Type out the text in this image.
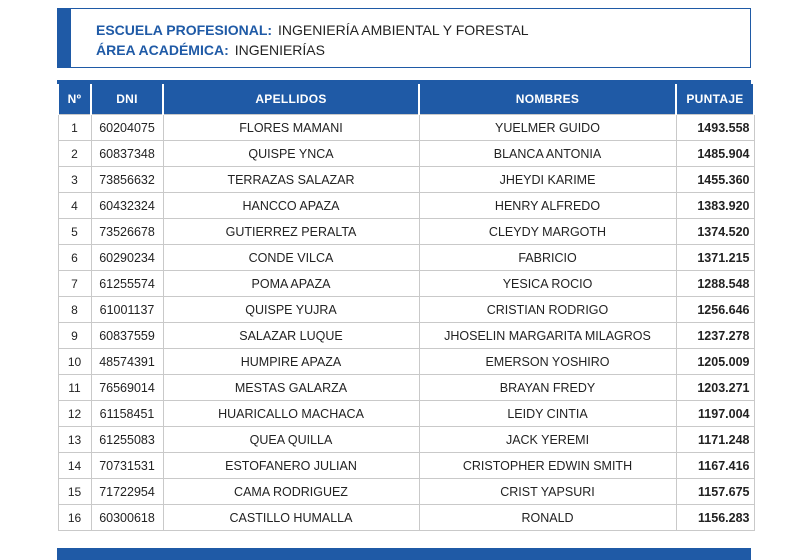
ESCUELA PROFESIONAL: INGENIERÍA AMBIENTAL Y FORESTAL
ÁREA ACADÉMICA: INGENIERÍAS
Nº	DNI	APELLIDOS	NOMBRES	PUNTAJE
1	60204075	FLORES MAMANI	YUELMER GUIDO	1493.558
2	60837348	QUISPE YNCA	BLANCA ANTONIA	1485.904
3	73856632	TERRAZAS SALAZAR	JHEYDI KARIME	1455.360
4	60432324	HANCCO APAZA	HENRY ALFREDO	1383.920
5	73526678	GUTIERREZ PERALTA	CLEYDY MARGOTH	1374.520
6	60290234	CONDE VILCA	FABRICIO	1371.215
7	61255574	POMA APAZA	YESICA ROCIO	1288.548
8	61001137	QUISPE YUJRA	CRISTIAN RODRIGO	1256.646
9	60837559	SALAZAR LUQUE	JHOSELIN MARGARITA MILAGROS	1237.278
10	48574391	HUMPIRE APAZA	EMERSON YOSHIRO	1205.009
11	76569014	MESTAS GALARZA	BRAYAN FREDY	1203.271
12	61158451	HUARICALLO MACHACA	LEIDY CINTIA	1197.004
13	61255083	QUEA QUILLA	JACK YEREMI	1171.248
14	70731531	ESTOFANERO JULIAN	CRISTOPHER EDWIN SMITH	1167.416
15	71722954	CAMA RODRIGUEZ	CRIST YAPSURI	1157.675
16	60300618	CASTILLO HUMALLA	RONALD	1156.283
